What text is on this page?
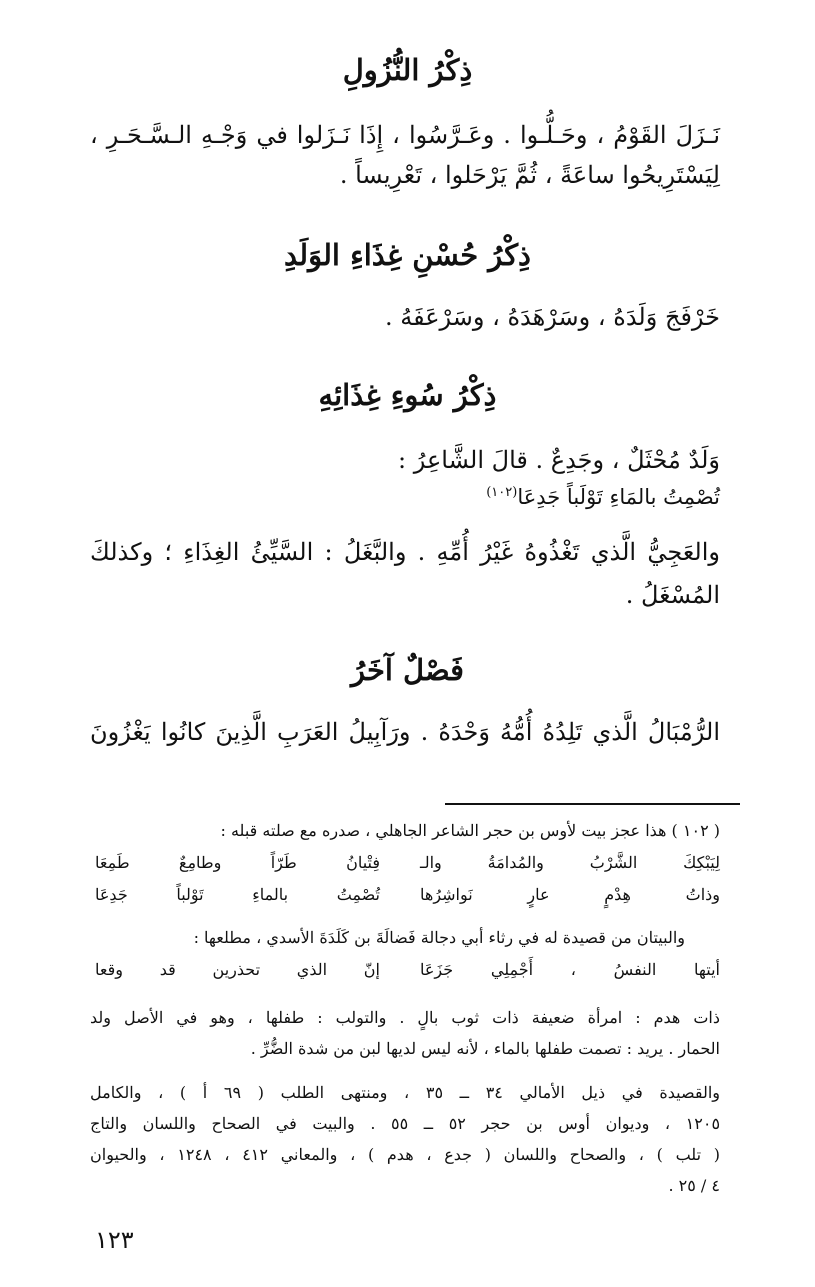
ذِكْرُ النُّزُولِ
نَـزَلَ القَوْمُ ، وحَـلُّـوا . وعَـرَّسُوا ، إِذَا نَـزَلوا في وَجْـهِ الـسَّـحَـرِ ،
لِيَسْتَرِيحُوا ساعَةً ، ثُمَّ يَرْحَلوا ، تَعْرِيساً .
ذِكْرُ حُسْنِ غِذَاءِ الوَلَدِ
خَرْفَجَ وَلَدَهُ ، وسَرْهَدَهُ ، وسَرْعَفَهُ .
ذِكْرُ سُوءِ غِذَائِهِ
وَلَدٌ مُحْثَلٌ ، وجَدِعٌ . قالَ الشَّاعِرُ :
تُصْمِتُ بالمَاءِ تَوْلَباً جَدِعَا$^{(١٠٢)}$
والعَجِيُّ الَّذي تَغْذُوهُ غَيْرُ أُمِّهِ . والبَّغَلُ : السَّيِّئُ الغِذَاءِ ؛ وكذلكَ
المُسْغَلُ .
فَصْلٌ آخَرُ
الرُّمْبَالُ الَّذي تَلِدُهُ أُمُّهُ وَحْدَهُ . ورَآبِيلُ العَرَبِ الَّذِينَ كانُوا يَغْزُونَ
( ١٠٢ ) هذا عجز بيت لأوس بن حجر الشاعر الجاهلي ، صدره مع صلته قبله :
لِيَبْكِكَ الشَّرْبُ والمُدامَةُ والـ
فِتْيانُ طَرّاً وطامِعٌ طَمِعَا
وذاتُ هِدْمٍ عارٍ نَواشِرُها
تُصْمِتُ بالماءِ تَوْلباً جَدِعَا
والبيتان من قصيدة له في رثاء أبي دجالة فَضالَةَ بن كَلَدَةَ الأسدي ، مطلعها :
أيتها النفسُ ، أَجْمِلِي جَزَعَا
إنّ الذي تحذرين قد وقعا
ذات هدم : امرأة ضعيفة ذات ثوب بالٍ . والتولب : طفلها ، وهو في الأصل ولد
الحمار . يريد : تصمت طفلها بالماء ، لأنه ليس لديها لبن من شدة الضُّرِّ .
والقصيدة في ذيل الأمالي ٣٤ ــ ٣٥ ، ومنتهى الطلب ( ٦٩ أ ) ، والكامل
١٢٠٥ ، وديوان أوس بن حجر ٥٢ ــ ٥٥ . والبيت في الصحاح واللسان والتاج
( تلب ) ، والصحاح واللسان ( جدع ، هدم ) ، والمعاني ٤١٢ ، ١٢٤٨ ، والحيوان
٤ / ٢٥ .
١٢٣
